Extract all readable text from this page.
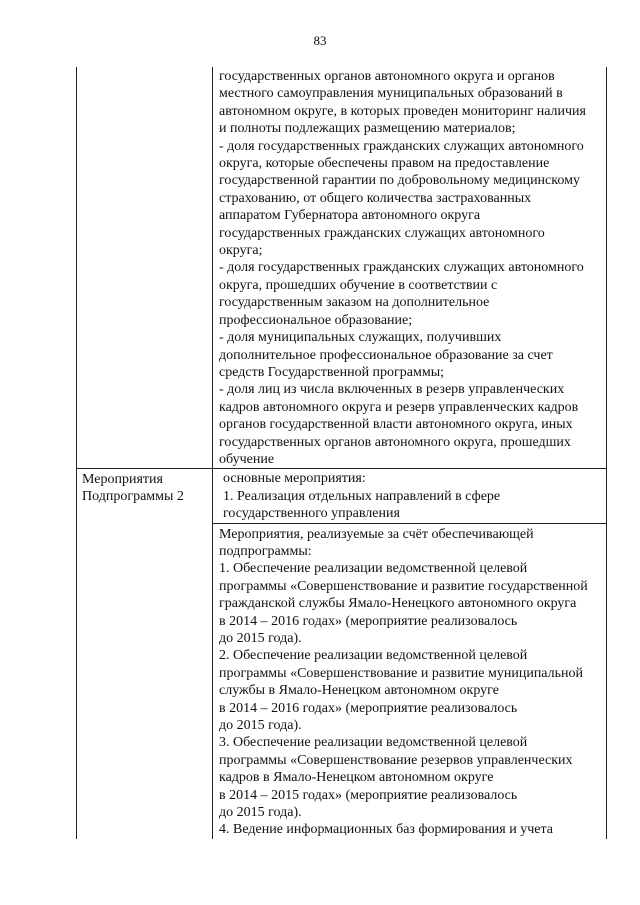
83
государственных органов автономного округа и органов
местного самоуправления муниципальных образований в
автономном округе, в которых проведен мониторинг наличия
и полноты подлежащих размещению материалов;
- доля государственных гражданских служащих автономного
округа, которые обеспечены правом на предоставление
государственной гарантии по добровольному медицинскому
страхованию, от общего количества застрахованных
аппаратом Губернатора автономного округа
государственных гражданских служащих автономного
округа;
- доля государственных гражданских служащих автономного
округа, прошедших обучение в соответствии с
государственным заказом на дополнительное
профессиональное образование;
- доля муниципальных служащих, получивших
дополнительное профессиональное образование за счет
средств Государственной программы;
- доля лиц из числа включенных в резерв управленческих
кадров автономного округа и резерв управленческих кадров
органов государственной власти автономного округа, иных
государственных органов автономного округа, прошедших
обучение
Мероприятия
Подпрограммы 2
основные мероприятия:
1. Реализация отдельных направлений в сфере
государственного управления
Мероприятия, реализуемые за счёт обеспечивающей
подпрограммы:
1. Обеспечение реализации ведомственной целевой
программы «Совершенствование и развитие государственной
гражданской службы Ямало-Ненецкого автономного округа
в 2014 – 2016 годах» (мероприятие реализовалось
до 2015 года).
2. Обеспечение реализации ведомственной целевой
программы «Совершенствование и развитие муниципальной
службы в Ямало-Ненецком автономном округе
в 2014 – 2016 годах» (мероприятие реализовалось
до 2015 года).
3. Обеспечение реализации ведомственной целевой
программы «Совершенствование резервов управленческих
кадров в Ямало-Ненецком автономном округе
в 2014 – 2015 годах» (мероприятие реализовалось
до 2015 года).
4. Ведение информационных баз формирования и учета
